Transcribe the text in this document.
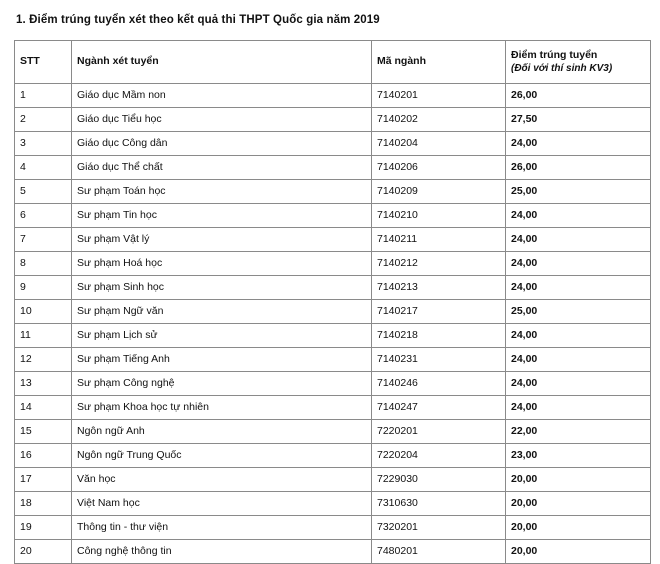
1. Điểm trúng tuyển xét theo kết quả thi THPT Quốc gia năm 2019
STT	Ngành xét tuyển	Mã ngành	Điểm trúng tuyển
(Đối với thí sinh KV3)

1	Giáo dục Mầm non	7140201	26,00
2	Giáo dục Tiểu học	7140202	27,50
3	Giáo dục Công dân	7140204	24,00
4	Giáo dục Thể chất	7140206	26,00
5	Sư phạm Toán học	7140209	25,00
6	Sư phạm Tin học	7140210	24,00
7	Sư phạm Vật lý	7140211	24,00
8	Sư phạm Hoá học	7140212	24,00
9	Sư phạm Sinh học	7140213	24,00
10	Sư phạm Ngữ văn	7140217	25,00
11	Sư phạm Lịch sử	7140218	24,00
12	Sư phạm Tiếng Anh	7140231	24,00
13	Sư phạm Công nghệ	7140246	24,00
14	Sư phạm Khoa học tự nhiên	7140247	24,00
15	Ngôn ngữ Anh	7220201	22,00
16	Ngôn ngữ Trung Quốc	7220204	23,00
17	Văn học	7229030	20,00
18	Việt Nam học	7310630	20,00
19	Thông tin - thư viện	7320201	20,00
20	Công nghệ thông tin	7480201	20,00
